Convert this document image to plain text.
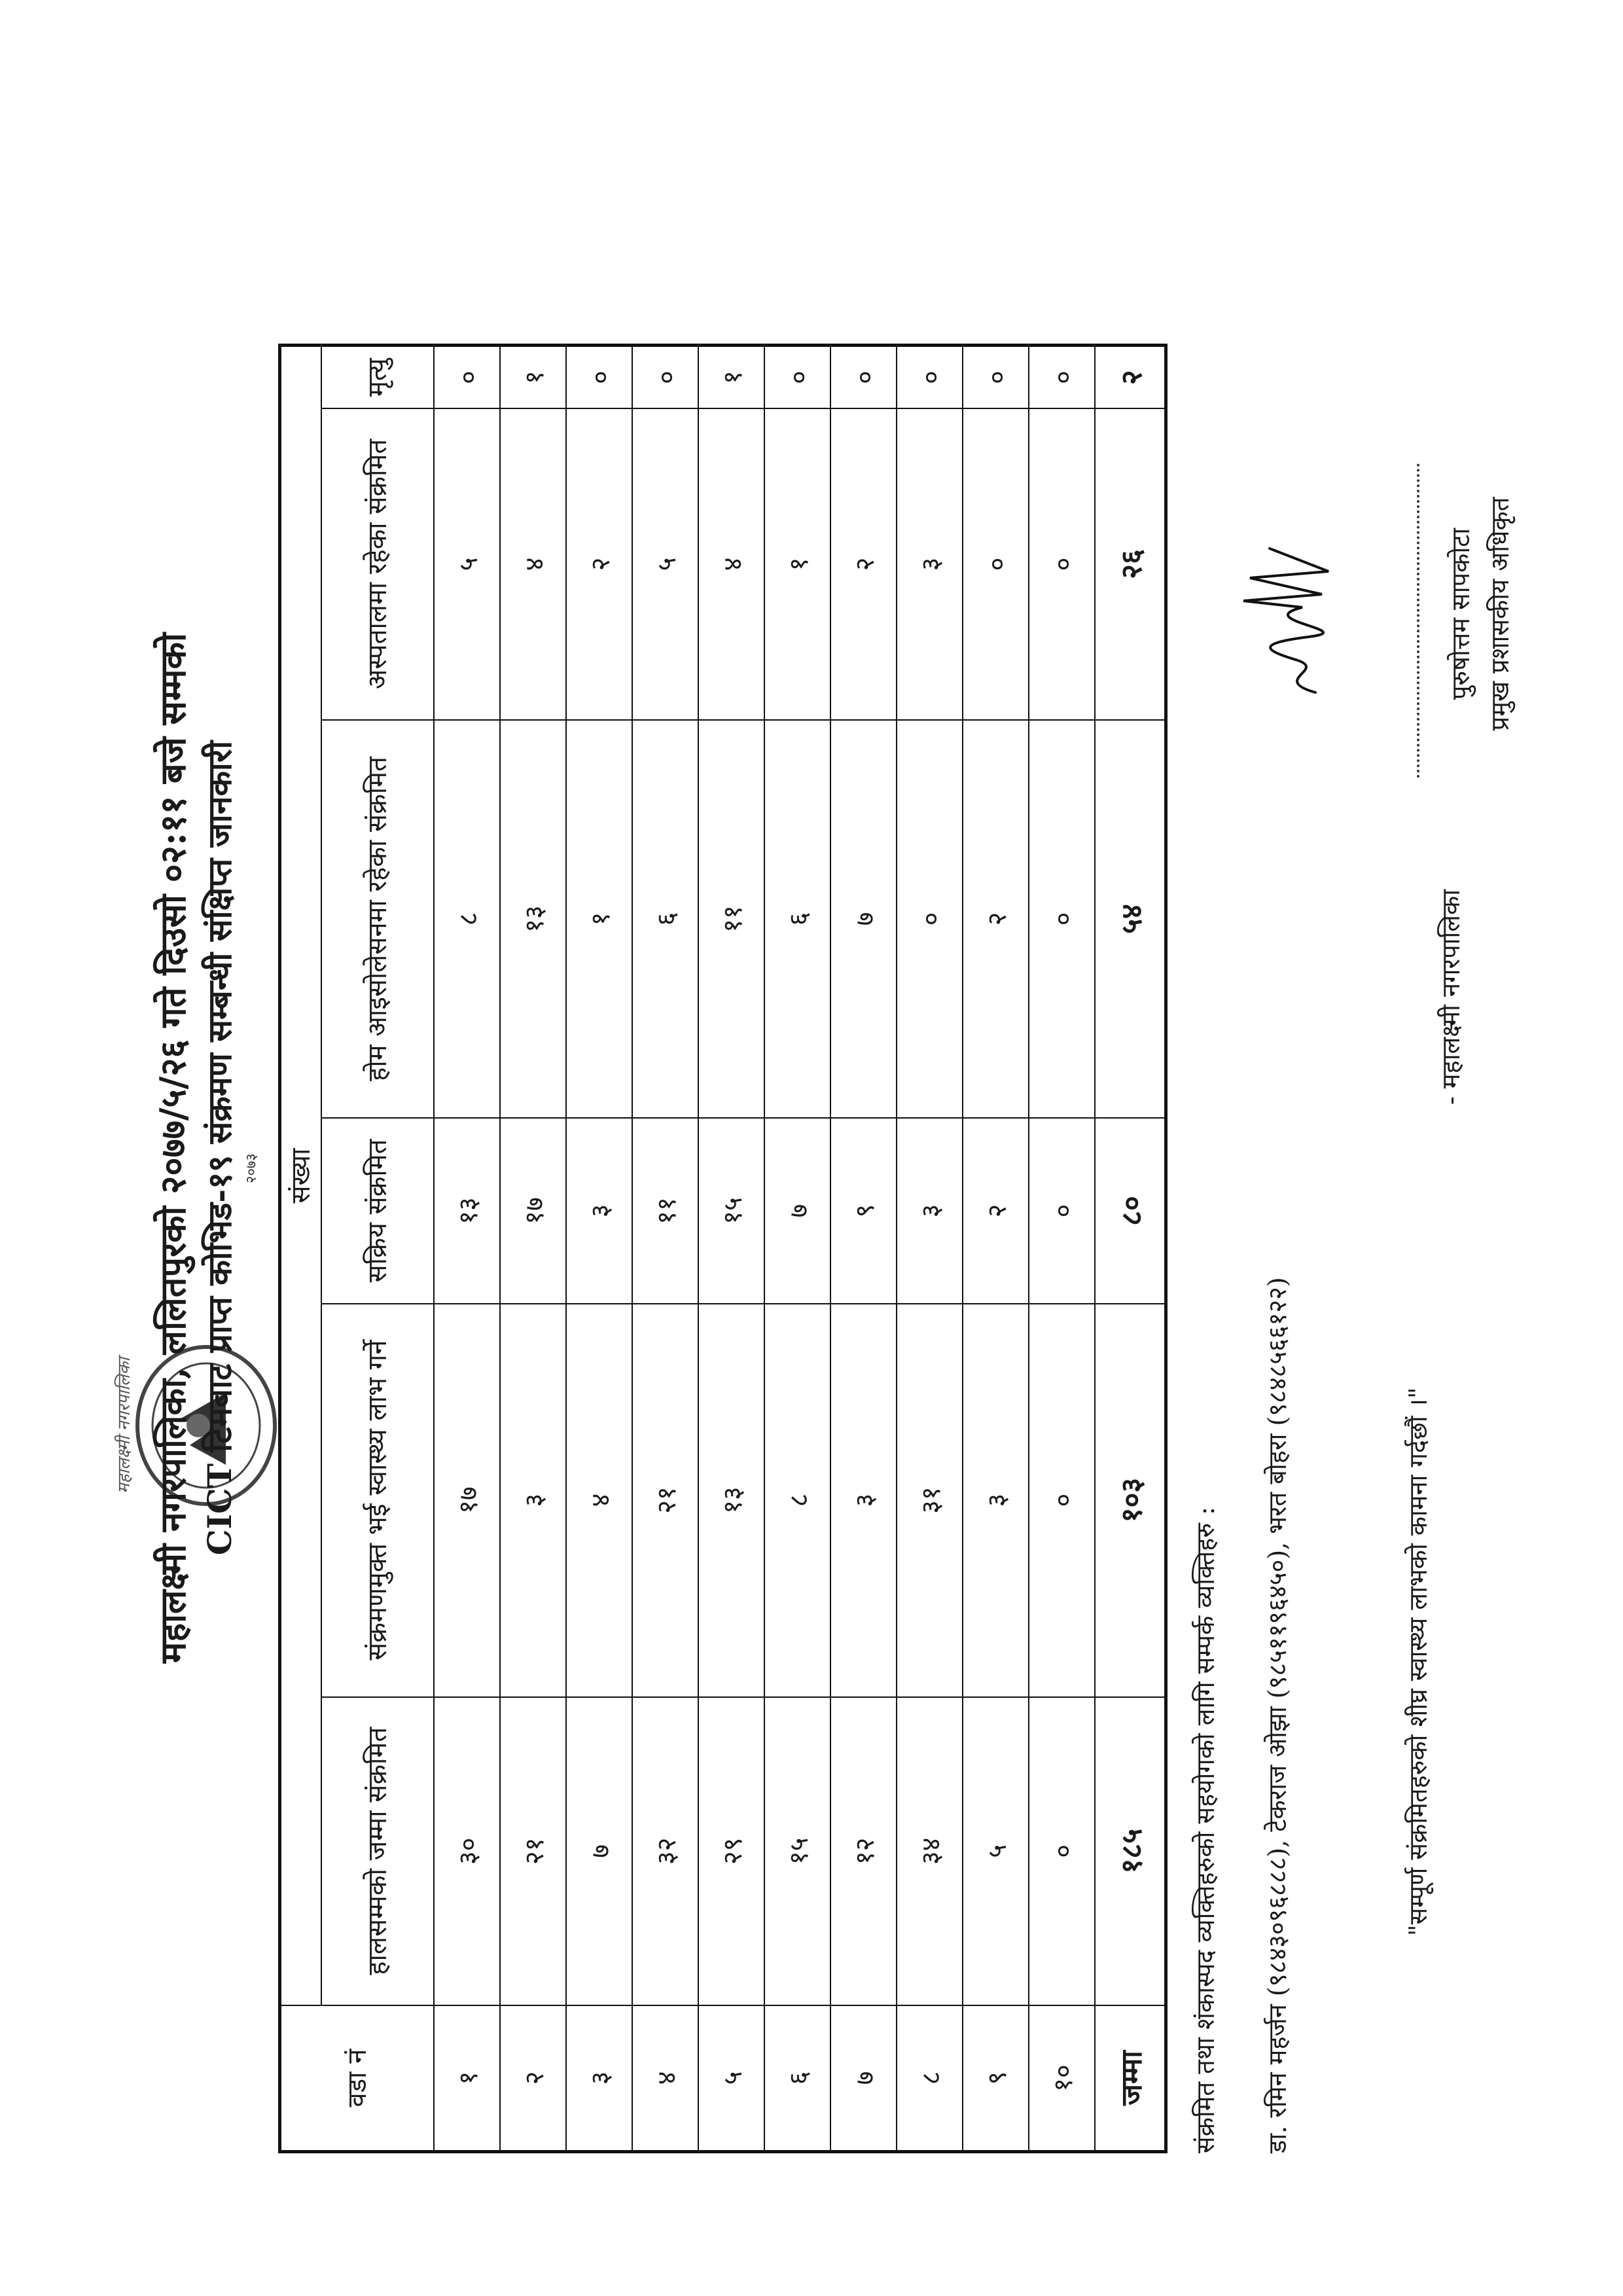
महालक्ष्मी नगरपालिका महालक्ष्मी नगरपालिका, ललितपुरको २०७७/५/२६ गते दिउसो ०२:११ बजे सम्मको CICT टिमबाट प्राप्त कोभिड-१९ संक्रमण सम्बन्धी संक्षिप्त जानकारी २०७३
वडा नं	संख्या					
	हालसम्मको जम्मा संक्रमित	संक्रमणमुक्त भई स्वास्थ्य लाभ गर्ने	सक्रिय संक्रमित	होम आइसोलेसनमा रहेका संक्रमित	अस्पतालमा रहेका संक्रमित	मृत्यु
१	३०	१७	१३	८	५	०
२	२१	३	१७	१३	४	१
३	७	४	३	१	२	०
४	३२	२१	११	६	५	०
५	२९	१३	१५	११	४	१
६	१५	८	७	६	१	०
७	१२	३	९	७	२	०
८	३४	३१	३	०	३	०
९	५	३	२	२	०	०
१०	०	०	०	०	०	०
जम्मा	१८५	१०३	८०	५४	२६	२
संक्रमित तथा शंकास्पद व्यक्तिहरुको सहयोगको लागि सम्पर्क व्यक्तिहरु : डा. रमिन महर्जन (९८४३०९६८८८), टेकराज ओझा (९८५११९६४५०), भरत बोहरा (९८४८५६६१२२)	"सम्पूर्ण संक्रमितहरुको शीघ्र स्वास्थ्य लाभको कामना गर्दछौं ।"
- महालक्ष्मी नगरपालिका
पुरुषोत्तम सापकोटा प्रमुख प्रशासकीय अधिकृत
